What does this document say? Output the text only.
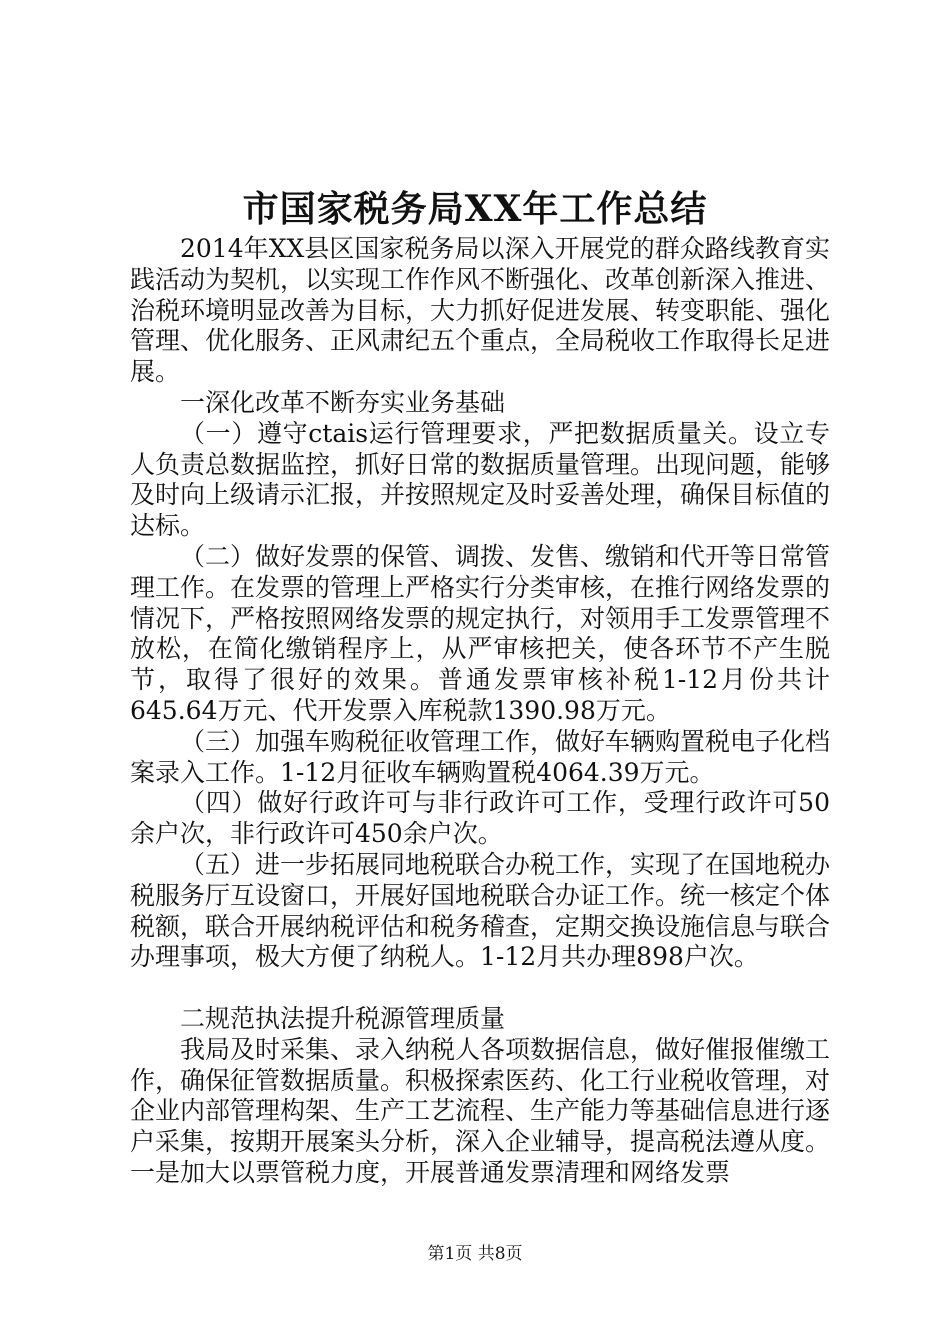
市国家税务局XX年工作总结

2014年XX县区国家税务局以深入开展党的群众路线教育实践活动为契机，以实现工作作风不断强化、改革创新深入推进、治税环境明显改善为目标，大力抓好促进发展、转变职能、强化管理、优化服务、正风肃纪五个重点，全局税收工作取得长足进展。

一深化改革不断夯实业务基础

（一）遵守ctais运行管理要求，严把数据质量关。设立专人负责总数据监控，抓好日常的数据质量管理。出现问题，能够及时向上级请示汇报，并按照规定及时妥善处理，确保目标值的达标。

（二）做好发票的保管、调拨、发售、缴销和代开等日常管理工作。在发票的管理上严格实行分类审核，在推行网络发票的情况下，严格按照网络发票的规定执行，对领用手工发票管理不放松，在简化缴销程序上，从严审核把关，使各环节不产生脱节，取得了很好的效果。普通发票审核补税1-12月份共计645.64万元、代开发票入库税款1390.98万元。

（三）加强车购税征收管理工作，做好车辆购置税电子化档案录入工作。1-12月征收车辆购置税4064.39万元。

（四）做好行政许可与非行政许可工作，受理行政许可50余户次，非行政许可450余户次。

（五）进一步拓展同地税联合办税工作，实现了在国地税办税服务厅互设窗口，开展好国地税联合办证工作。统一核定个体税额，联合开展纳税评估和税务稽查，定期交换设施信息与联合办理事项，极大方便了纳税人。1-12月共办理898户次。

二规范执法提升税源管理质量

我局及时采集、录入纳税人各项数据信息，做好催报催缴工作，确保征管数据质量。积极探索医药、化工行业税收管理，对企业内部管理构架、生产工艺流程、生产能力等基础信息进行逐户采集，按期开展案头分析，深入企业辅导，提高税法遵从度。一是加大以票管税力度，开展普通发票清理和网络发票

第1页 共8页
